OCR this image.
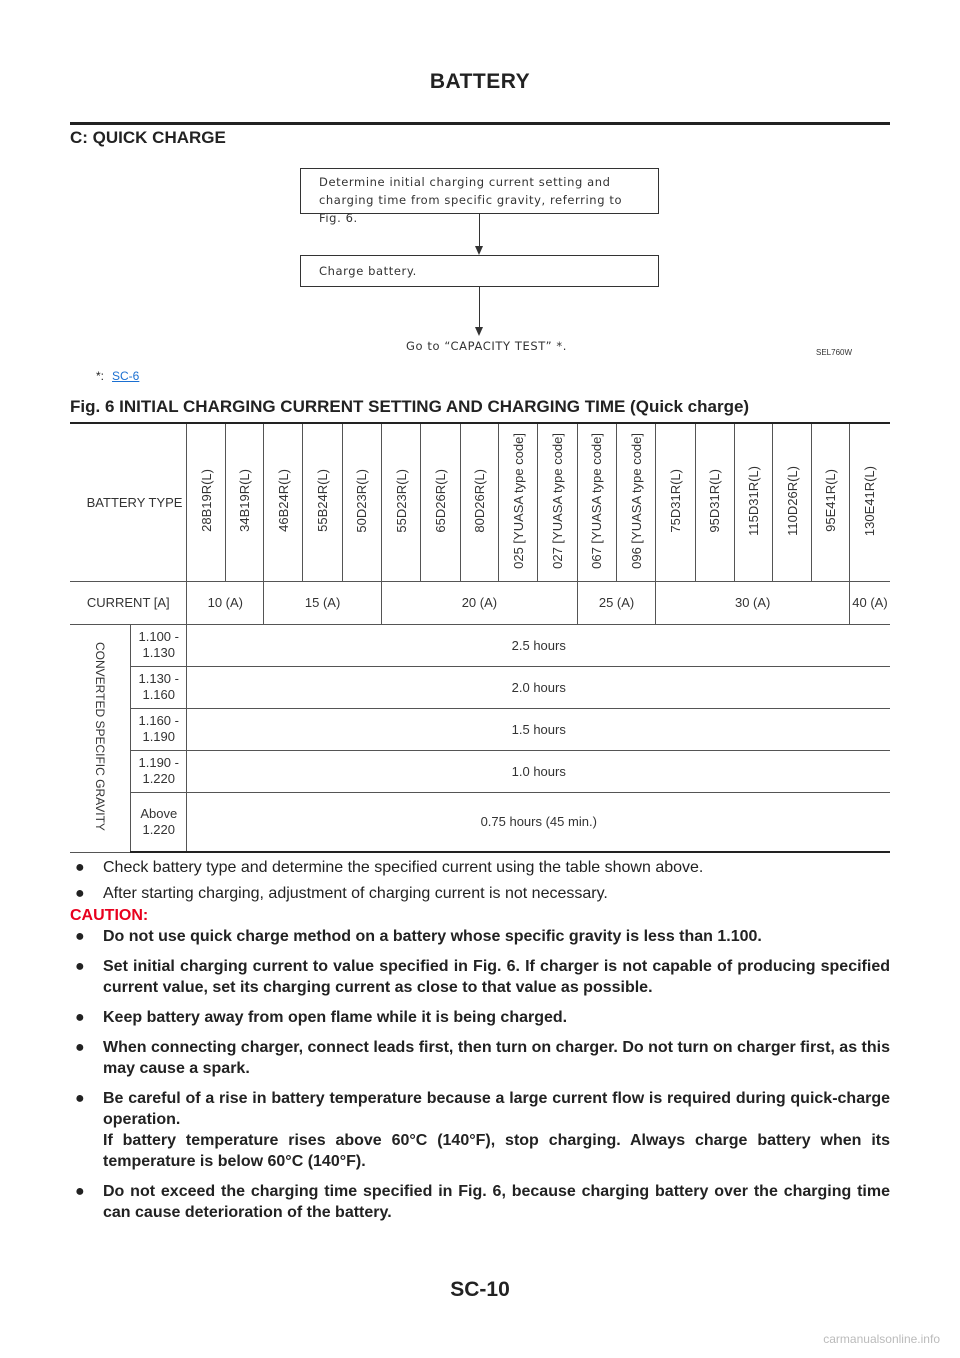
BATTERY
C: QUICK CHARGE
Determine initial charging current setting and charging time from specific gravity, referring to Fig. 6.
Charge battery.
Go to “CAPACITY TEST” *.	SEL760W
*: SC-6
Fig. 6 INITIAL CHARGING CURRENT SETTING AND CHARGING TIME (Quick charge)
BATTERY TYPE		28B19R(L)	34B19R(L)	46B24R(L)	55B24R(L)	50D23R(L)	55D23R(L)	65D26R(L)	80D26R(L)	025 [YUASA type code]	027 [YUASA type code]	067 [YUASA type code]	096 [YUASA type code]	75D31R(L)	95D31R(L)	115D31R(L)	110D26R(L)	95E41R(L)	130E41R(L)
CURRENT [A]		10 (A)		15 (A)			20 (A)					25 (A)		30 (A)					40 (A)
CONVERTED SPECIFIC GRAVITY	1.100 - 1.130	2.5 hours																	
	1.130 - 1.160	2.0 hours																	
	1.160 - 1.190	1.5 hours																	
	1.190 - 1.220	1.0 hours																	
	Above 1.220	0.75 hours (45 min.)																	
● Check battery type and determine the specified current using the table shown above.
● After starting charging, adjustment of charging current is not necessary.
CAUTION:
● Do not use quick charge method on a battery whose specific gravity is less than 1.100.
● Set initial charging current to value specified in Fig. 6. If charger is not capable of producing specified current value, set its charging current as close to that value as possible.
● Keep battery away from open flame while it is being charged.
● When connecting charger, connect leads first, then turn on charger. Do not turn on charger first, as this may cause a spark.
● Be careful of a rise in battery temperature because a large current flow is required during quick-charge operation.
If battery temperature rises above 60°C (140°F), stop charging. Always charge battery when its temperature is below 60°C (140°F).
● Do not exceed the charging time specified in Fig. 6, because charging battery over the charging time can cause deterioration of the battery.
SC-10
carmanualsonline.info
